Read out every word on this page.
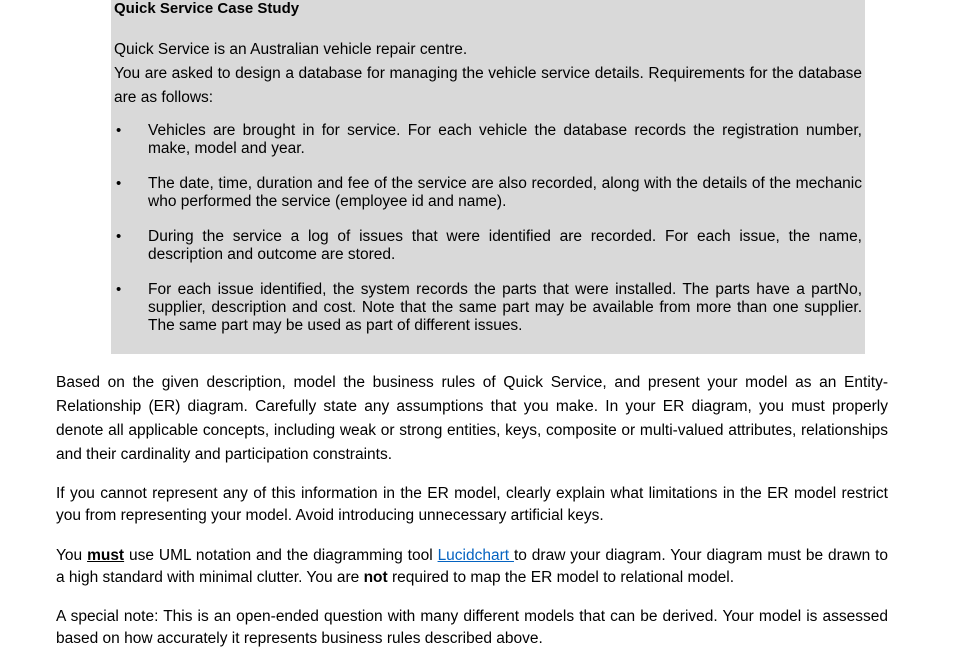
Quick Service Case Study

Quick Service is an Australian vehicle repair centre.

You are asked to design a database for managing the vehicle service details. Requirements for the database are as follows:

• Vehicles are brought in for service. For each vehicle the database records the registration number, make, model and year.
• The date, time, duration and fee of the service are also recorded, along with the details of the mechanic who performed the service (employee id and name).
• During the service a log of issues that were identified are recorded. For each issue, the name, description and outcome are stored.
• For each issue identified, the system records the parts that were installed. The parts have a partNo, supplier, description and cost. Note that the same part may be available from more than one supplier. The same part may be used as part of different issues.

Based on the given description, model the business rules of Quick Service, and present your model as an Entity-Relationship (ER) diagram. Carefully state any assumptions that you make. In your ER diagram, you must properly denote all applicable concepts, including weak or strong entities, keys, composite or multi-valued attributes, relationships and their cardinality and participation constraints.

If you cannot represent any of this information in the ER model, clearly explain what limitations in the ER model restrict you from representing your model. Avoid introducing unnecessary artificial keys.

You must use UML notation and the diagramming tool Lucidchart to draw your diagram. Your diagram must be drawn to a high standard with minimal clutter. You are not required to map the ER model to relational model.

A special note: This is an open-ended question with many different models that can be derived. Your model is assessed based on how accurately it represents business rules described above.
